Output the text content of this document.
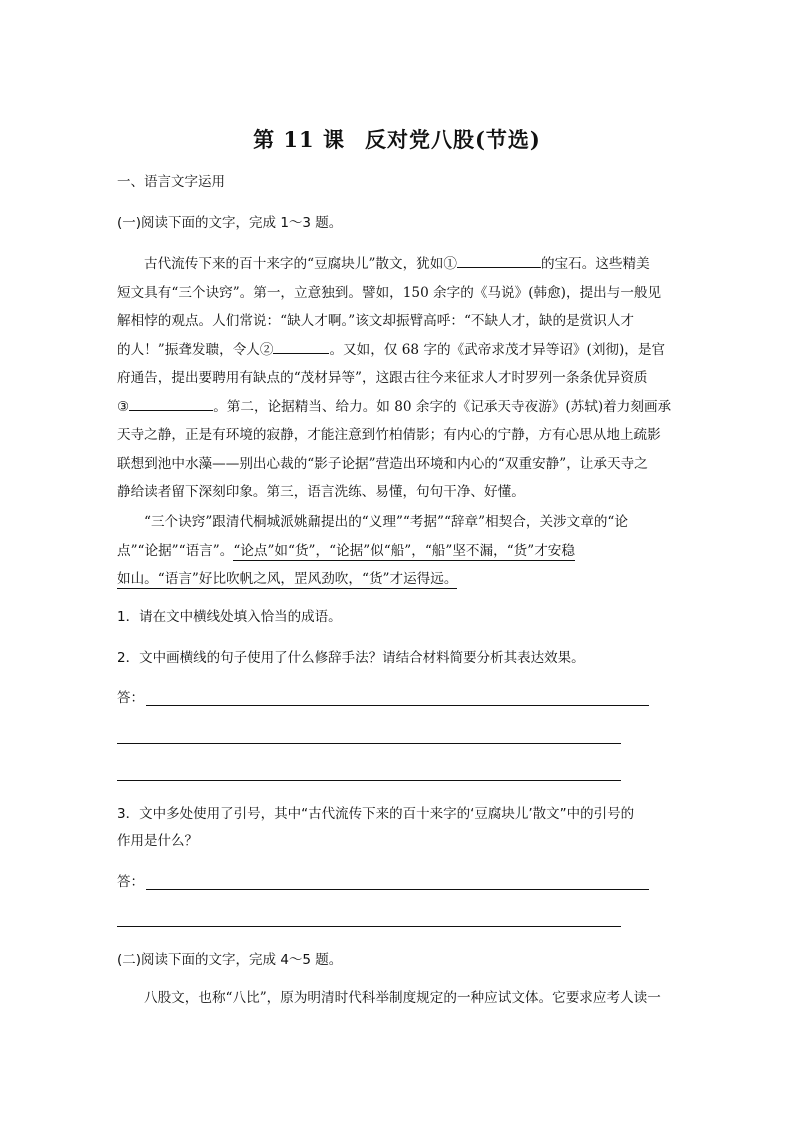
第 11 课 反对党八股(节选)
一、语言文字运用
(一)阅读下面的文字，完成 1～3 题。
古代流传下来的百十来字的“豆腐块儿”散文，犹如①	的宝石。这些精美
短文具有“三个诀窍”。第一，立意独到。譬如，150 余字的《马说》(韩愈)，提出与一般见
解相悖的观点。人们常说：“缺人才啊。”该文却振臂高呼：“不缺人才，缺的是赏识人才
的人！”振聋发聩，令人②	。又如，仅 68 字的《武帝求茂才异等诏》(刘彻)，是官
府通告，提出要聘用有缺点的“茂材异等”，这跟古往今来征求人才时罗列一条条优异资质
③	。第二，论据精当、给力。如 80 余字的《记承天寺夜游》(苏轼)着力刻画承
天寺之静，正是有环境的寂静，才能注意到竹柏倩影；有内心的宁静，方有心思从地上疏影
联想到池中水藻——别出心裁的“影子论据”营造出环境和内心的“双重安静”，让承天寺之
静给读者留下深刻印象。第三，语言洗练、易懂，句句干净、好懂。
“三个诀窍”跟清代桐城派姚鼐提出的“义理”“考据”“辞章”相契合，关涉文章的“论
点”“论据”“语言”。“论点”如“货”，“论据”似“船”，“船”坚不漏，“货”才安稳
如山。“语言”好比吹帆之风，罡风劲吹，“货”才运得远。
1．请在文中横线处填入恰当的成语。
2．文中画横线的句子使用了什么修辞手法？请结合材料简要分析其表达效果。
答：
3．文中多处使用了引号，其中“古代流传下来的百十来字的‘豆腐块儿’散文”中的引号的
作用是什么？
答：
(二)阅读下面的文字，完成 4～5 题。
八股文，也称“八比”，原为明清时代科举制度规定的一种应试文体。它要求应考人读一
